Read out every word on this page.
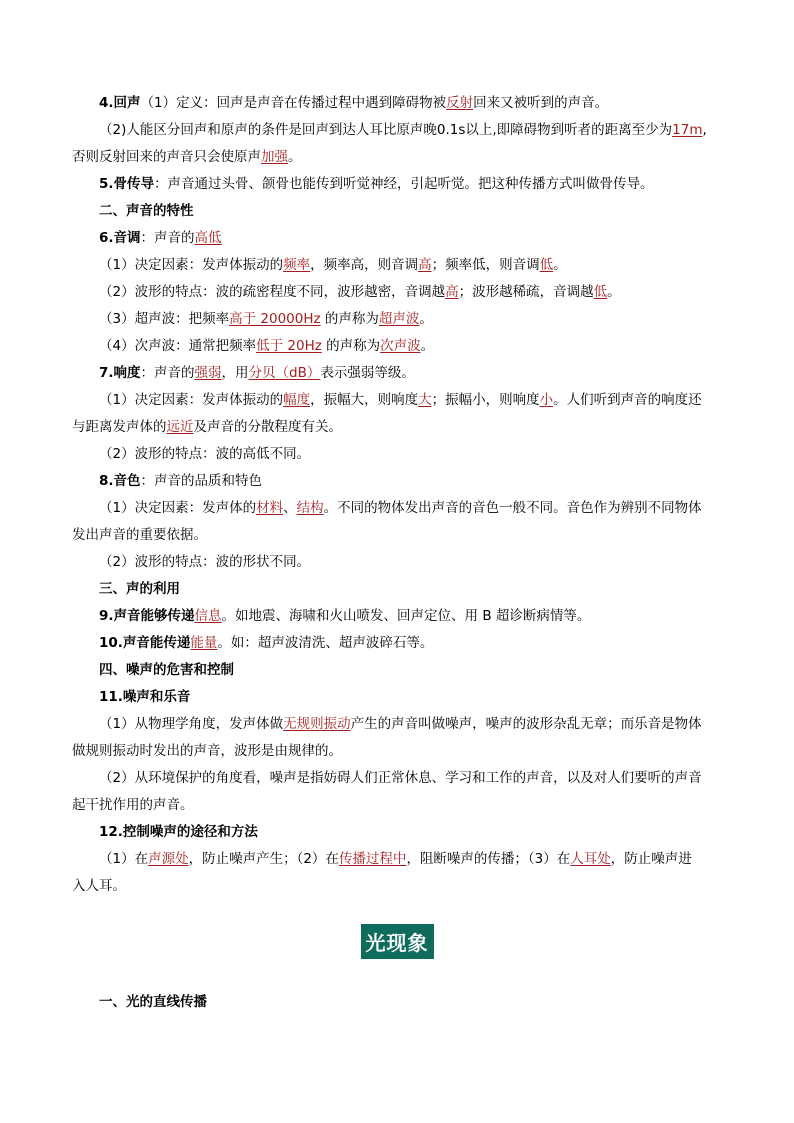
4.回声（1）定义：回声是声音在传播过程中遇到障碍物被反射回来又被听到的声音。

（2)人能区分回声和原声的条件是回声到达人耳比原声晚0.1s以上,即障碍物到听者的距离至少为17m,

否则反射回来的声音只会使原声加强。

5.骨传导：声音通过头骨、颌骨也能传到听觉神经，引起听觉。把这种传播方式叫做骨传导。

二、声音的特性

6.音调：声音的高低

（1）决定因素：发声体振动的频率，频率高，则音调高；频率低，则音调低。

（2）波形的特点：波的疏密程度不同，波形越密，音调越高；波形越稀疏，音调越低。

（3）超声波：把频率高于 20000Hz 的声称为超声波。

（4）次声波：通常把频率低于 20Hz 的声称为次声波。

7.响度：声音的强弱，用分贝（dB）表示强弱等级。

（1）决定因素：发声体振动的幅度，振幅大，则响度大；振幅小，则响度小。人们听到声音的响度还

与距离发声体的远近及声音的分散程度有关。

（2）波形的特点：波的高低不同。

8.音色：声音的品质和特色

（1）决定因素：发声体的材料、结构。不同的物体发出声音的音色一般不同。音色作为辨别不同物体

发出声音的重要依据。

（2）波形的特点：波的形状不同。

三、声的利用

9.声音能够传递信息。如地震、海啸和火山喷发、回声定位、用 B 超诊断病情等。

10.声音能传递能量。如：超声波清洗、超声波碎石等。

四、噪声的危害和控制

11.噪声和乐音

（1）从物理学角度，发声体做无规则振动产生的声音叫做噪声，噪声的波形杂乱无章；而乐音是物体

做规则振动时发出的声音，波形是由规律的。

（2）从环境保护的角度看，噪声是指妨碍人们正常休息、学习和工作的声音，以及对人们要听的声音

起干扰作用的声音。

12.控制噪声的途径和方法

（1）在声源处，防止噪声产生；（2）在传播过程中，阻断噪声的传播；（3）在人耳处，防止噪声进

入人耳。

光现象

一、光的直线传播
